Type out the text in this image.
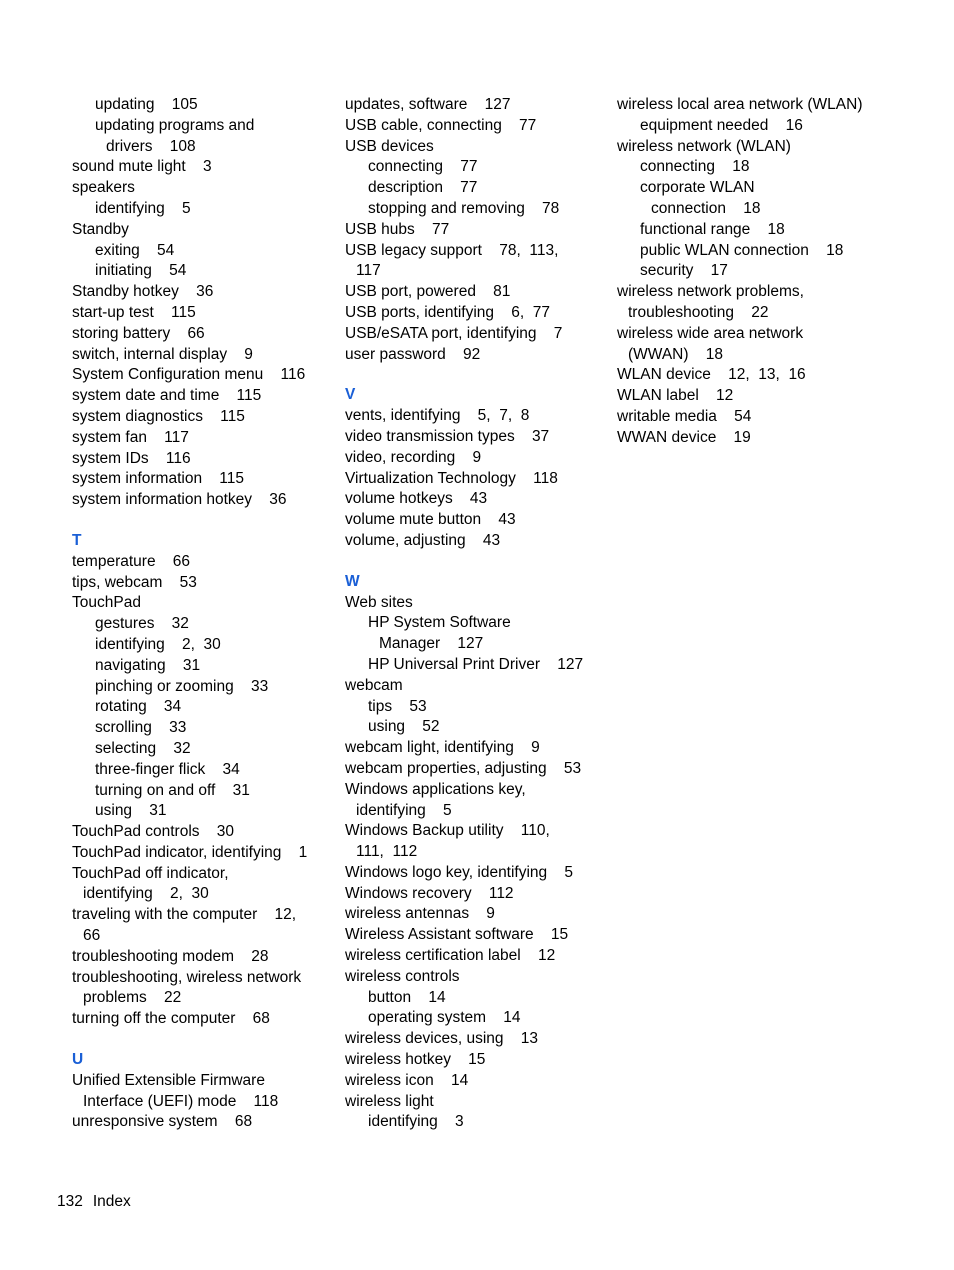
updating    105
updating programs and
drivers    108
sound mute light    3
speakers
identifying    5
Standby
exiting    54
initiating    54
Standby hotkey    36
start-up test    115
storing battery    66
switch, internal display    9
System Configuration menu    116
system date and time    115
system diagnostics    115
system fan    117
system IDs    116
system information    115
system information hotkey    36
T
temperature    66
tips, webcam    53
TouchPad
gestures    32
identifying    2,  30
navigating    31
pinching or zooming    33
rotating    34
scrolling    33
selecting    32
three-finger flick    34
turning on and off    31
using    31
TouchPad controls    30
TouchPad indicator, identifying    1
TouchPad off indicator,
identifying    2,  30
traveling with the computer    12,
66
troubleshooting modem    28
troubleshooting, wireless network
problems    22
turning off the computer    68
U
Unified Extensible Firmware
Interface (UEFI) mode    118
unresponsive system    68
updates, software    127
USB cable, connecting    77
USB devices
connecting    77
description    77
stopping and removing    78
USB hubs    77
USB legacy support    78,  113,
117
USB port, powered    81
USB ports, identifying    6,  77
USB/eSATA port, identifying    7
user password    92
V
vents, identifying    5,  7,  8
video transmission types    37
video, recording    9
Virtualization Technology    118
volume hotkeys    43
volume mute button    43
volume, adjusting    43
W
Web sites
HP System Software
Manager    127
HP Universal Print Driver    127
webcam
tips    53
using    52
webcam light, identifying    9
webcam properties, adjusting    53
Windows applications key,
identifying    5
Windows Backup utility    110,
111,  112
Windows logo key, identifying    5
Windows recovery    112
wireless antennas    9
Wireless Assistant software    15
wireless certification label    12
wireless controls
button    14
operating system    14
wireless devices, using    13
wireless hotkey    15
wireless icon    14
wireless light
identifying    3
wireless local area network (WLAN)
equipment needed    16
wireless network (WLAN)
connecting    18
corporate WLAN
connection    18
functional range    18
public WLAN connection    18
security    17
wireless network problems,
troubleshooting    22
wireless wide area network
(WWAN)    18
WLAN device    12,  13,  16
WLAN label    12
writable media    54
WWAN device    19
132 Index
